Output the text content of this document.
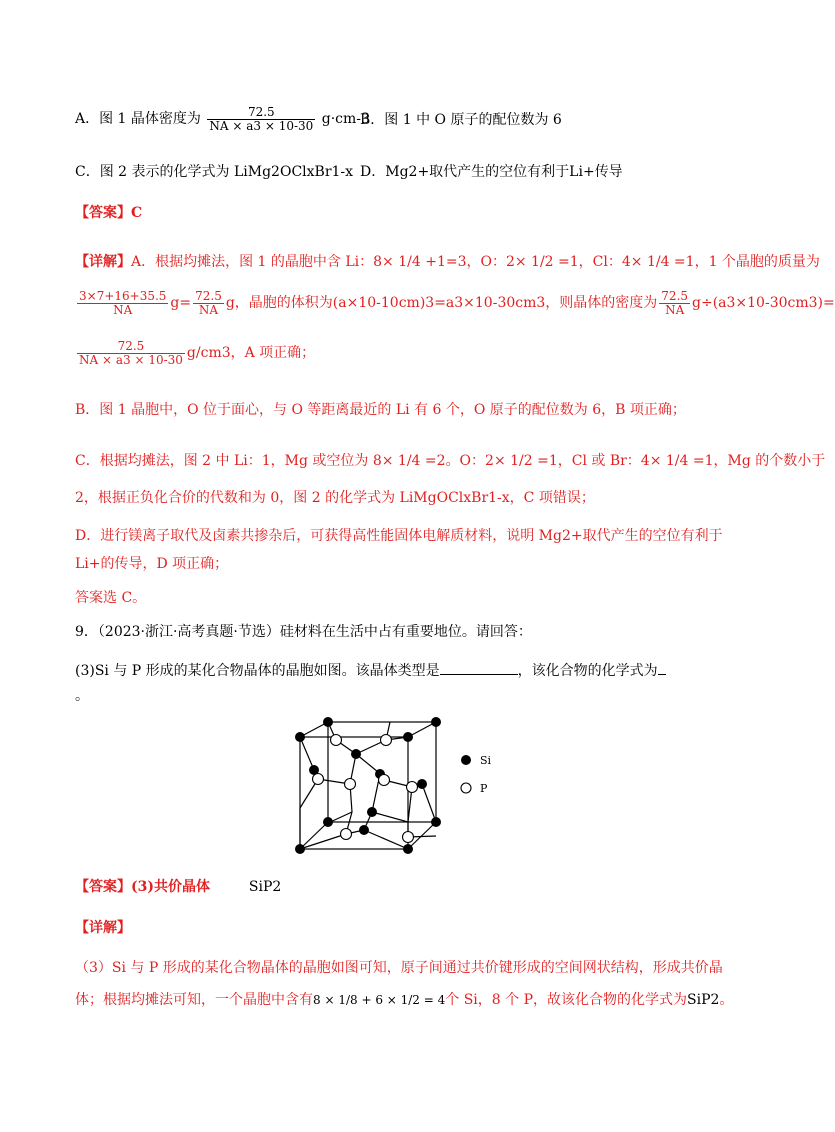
A．图 1 晶体密度为 $\frac{72.5}{NA \times a3 \times 10-30} g\cdot cm-3$
B．图 1 中 O 原子的配位数为 6
C．图 2 表示的化学式为 LiMg2OClxBr1-x D．Mg2+取代产生的空位有利于Li+传导
【答案】C
【详解】A．根据均摊法，图 1 的晶胞中含 Li：8× 1/4 +1=3，O：2× 1/2 =1，Cl：4× 1/4 =1，1 个晶胞的质量为
$\frac{3\times 7+16+35.5}{NA} g= \frac{72.5}{NA}$ g，晶胞的体积为(a×10-10cm)3=a3×10-30cm3，则晶体的密度为 $\frac{72.5}{NA} g\div(a3\times 10-30cm3)=$
$\frac{72.5}{NA \times a3 \times 10-30} g/cm3$，A 项正确；
B．图 1 晶胞中，O 位于面心，与 O 等距离最近的 Li 有 6 个，O 原子的配位数为 6，B 项正确；
C．根据均摊法，图 2 中 Li：1，Mg 或空位为 8× 1/4 =2。O：2× 1/2 =1，Cl 或 Br：4× 1/4 =1，Mg 的个数小于
2，根据正负化合价的代数和为 0，图 2 的化学式为 LiMgOClxBr1-x，C 项错误；
D．进行镁离子取代及卤素共掺杂后，可获得高性能固体电解质材料，说明 Mg2+取代产生的空位有利于
Li+的传导，D 项正确；
答案选 C。
9．（2023·浙江·高考真题·节选）硅材料在生活中占有重要地位。请回答：
(3)Si 与 P 形成的某化合物晶体的晶胞如图。该晶体类型是	，该化合物的化学式为
。
Si
P
【答案】(3)共价晶体	SiP2
【详解】
（3）Si 与 P 形成的某化合物晶体的晶胞如图可知，原子间通过共价键形成的空间网状结构，形成共价晶
体；根据均摊法可知，一个晶胞中含有8 × 1/8 + 6 × 1/2 = 4个 Si，8 个 P，故该化合物的化学式为SiP2。
